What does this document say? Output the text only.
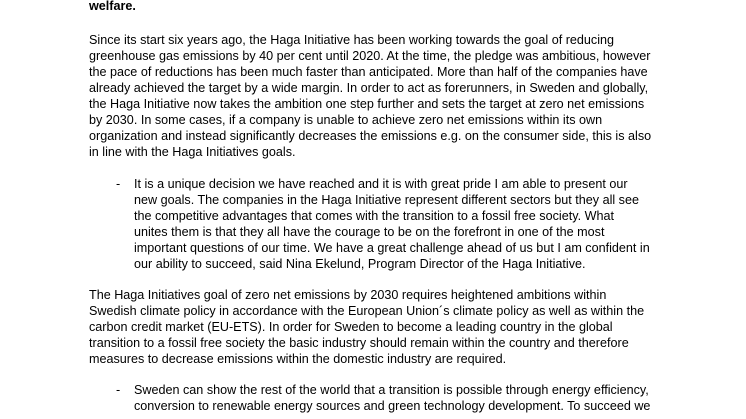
welfare.
Since its start six years ago, the Haga Initiative has been working towards the goal of reducing
greenhouse gas emissions by 40 per cent until 2020. At the time, the pledge was ambitious, however
the pace of reductions has been much faster than anticipated. More than half of the companies have
already achieved the target by a wide margin. In order to act as forerunners, in Sweden and globally,
the Haga Initiative now takes the ambition one step further and sets the target at zero net emissions
by 2030. In some cases, if a company is unable to achieve zero net emissions within its own
organization and instead significantly decreases the emissions e.g. on the consumer side, this is also
in line with the Haga Initiatives goals.
- It is a unique decision we have reached and it is with great pride I am able to present our
new goals. The companies in the Haga Initiative represent different sectors but they all see
the competitive advantages that comes with the transition to a fossil free society. What
unites them is that they all have the courage to be on the forefront in one of the most
important questions of our time. We have a great challenge ahead of us but I am confident in
our ability to succeed, said Nina Ekelund, Program Director of the Haga Initiative.
The Haga Initiatives goal of zero net emissions by 2030 requires heightened ambitions within
Swedish climate policy in accordance with the European Union´s climate policy as well as within the
carbon credit market (EU-ETS). In order for Sweden to become a leading country in the global
transition to a fossil free society the basic industry should remain within the country and therefore
measures to decrease emissions within the domestic industry are required.
- Sweden can show the rest of the world that a transition is possible through energy efficiency,
conversion to renewable energy sources and green technology development. To succeed we
